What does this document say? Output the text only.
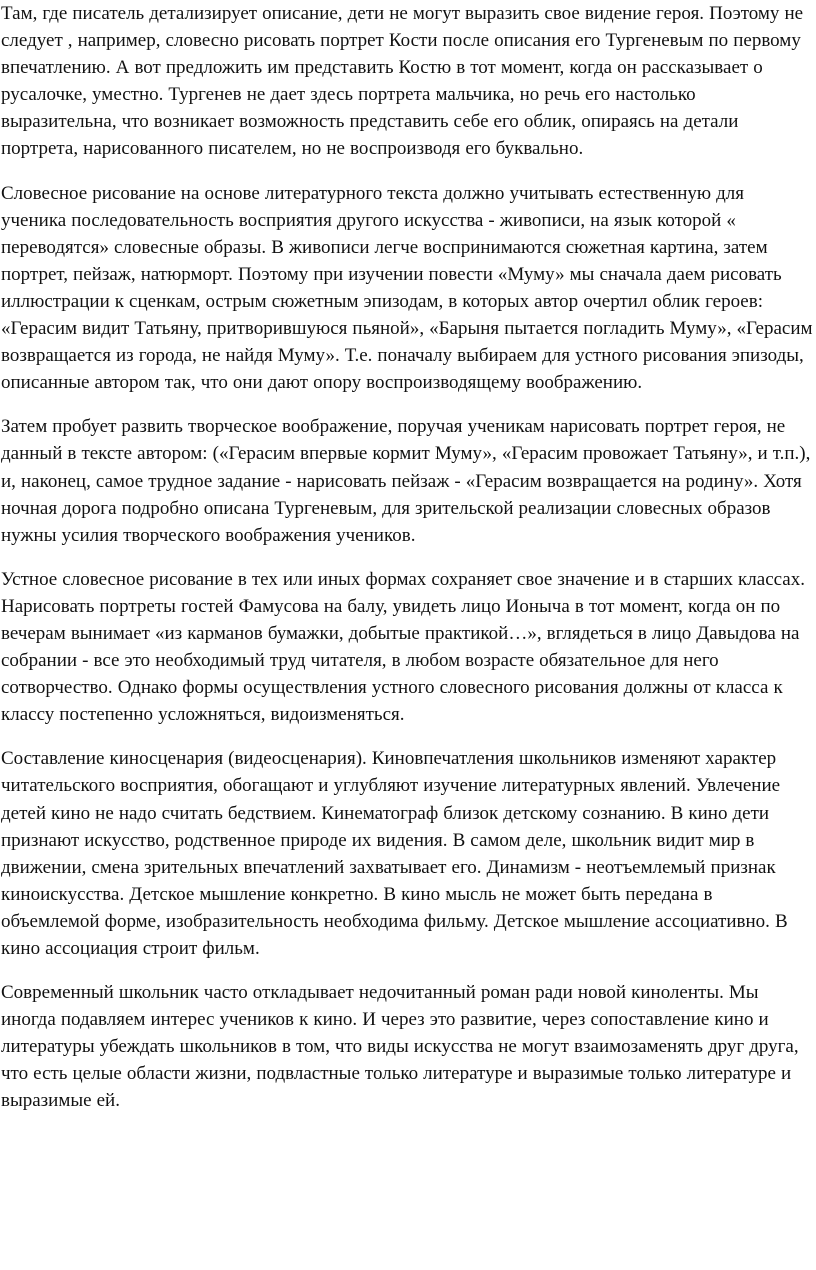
Там, где писатель детализирует описание, дети не могут выразить свое видение героя. Поэтому не следует , например, словесно рисовать портрет Кости после описания его Тургеневым по первому впечатлению. А вот предложить им представить Костю в тот момент, когда он рассказывает о русалочке, уместно. Тургенев не дает здесь портрета мальчика, но речь его настолько выразительна, что возникает возможность представить себе его облик, опираясь на детали портрета, нарисованного писателем, но не воспроизводя его буквально.

Словесное рисование на основе литературного текста должно учитывать естественную для ученика последовательность восприятия другого искусства - живописи, на язык которой « переводятся» словесные образы. В живописи легче воспринимаются сюжетная картина, затем портрет, пейзаж, натюрморт. Поэтому при изучении повести «Муму» мы сначала даем рисовать иллюстрации к сценкам, острым сюжетным эпизодам, в которых автор очертил облик героев: «Герасим видит Татьяну, притворившуюся пьяной», «Барыня пытается погладить Муму», «Герасим возвращается из города, не найдя Муму». Т.е. поначалу выбираем для устного рисования эпизоды, описанные автором так, что они дают опору воспроизводящему воображению.

Затем пробует развить творческое воображение, поручая ученикам нарисовать портрет героя, не данный в тексте автором: («Герасим впервые кормит Муму», «Герасим провожает Татьяну», и т.п.), и, наконец, самое трудное задание - нарисовать пейзаж - «Герасим возвращается на родину». Хотя ночная дорога подробно описана Тургеневым, для зрительской реализации словесных образов нужны усилия творческого воображения учеников.

Устное словесное рисование в тех или иных формах сохраняет свое значение и в старших классах. Нарисовать портреты гостей Фамусова на балу, увидеть лицо Ионыча в тот момент, когда он по вечерам вынимает «из карманов бумажки, добытые практикой…», вглядеться в лицо Давыдова на собрании - все это необходимый труд читателя, в любом возрасте обязательное для него сотворчество. Однако формы осуществления устного словесного рисования должны от класса к классу постепенно усложняться, видоизменяться.

Составление киносценария (видеосценария). Киновпечатления школьников изменяют характер читательского восприятия, обогащают и углубляют изучение литературных явлений. Увлечение детей кино не надо считать бедствием. Кинематограф близок детскому сознанию. В кино дети признают искусство, родственное природе их видения. В самом деле, школьник видит мир в движении, смена зрительных впечатлений захватывает его. Динамизм - неотъемлемый признак киноискусства. Детское мышление конкретно. В кино мысль не может быть передана в объемлемой форме, изобразительность необходима фильму. Детское мышление ассоциативно. В кино ассоциация строит фильм.

Современный школьник часто откладывает недочитанный роман ради новой киноленты. Мы иногда подавляем интерес учеников к кино. И через это развитие, через сопоставление кино и литературы убеждать школьников в том, что виды искусства не могут взаимозаменять друг друга, что есть целые области жизни, подвластные только литературе и выразимые только литературе и выразимые ей.
